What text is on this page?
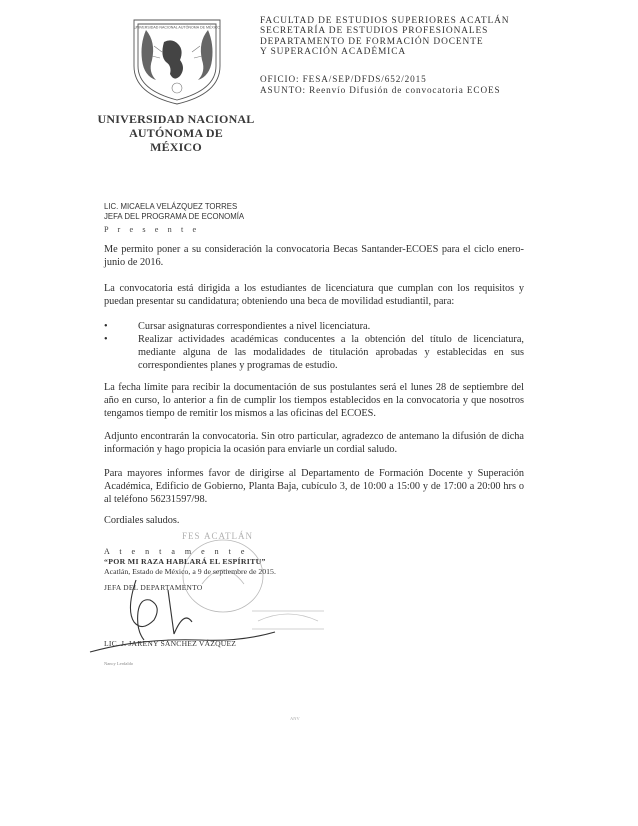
UNIVERSIDAD NACIONAL AUTÓNOMA DE MÉXICO
UNIVERSIDAD NACIONAL
AUTÓNOMA DE
MÉXICO
FACULTAD DE ESTUDIOS SUPERIORES ACATLÁN
SECRETARÍA DE ESTUDIOS PROFESIONALES
DEPARTAMENTO DE FORMACIÓN DOCENTE
Y SUPERACIÓN ACADÉMICA
OFICIO: FESA/SEP/DFDS/652/2015
ASUNTO: Reenvío Difusión de convocatoria ECOES
LIC. MICAELA VELÁZQUEZ TORRES
JEFA DEL PROGRAMA DE ECONOMÍA
P r e s e n t e
Me permito poner a su consideración la convocatoria Becas Santander-ECOES para el ciclo enero-junio de 2016.
La convocatoria está dirigida a los estudiantes de licenciatura que cumplan con los requisitos y puedan presentar su candidatura; obteniendo una beca de movilidad estudiantil, para:
•	Cursar asignaturas correspondientes a nivel licenciatura.
•	Realizar actividades académicas conducentes a la obtención del título de licenciatura, mediante alguna de las modalidades de titulación aprobadas y establecidas en sus correspondientes planes y programas de estudio.
La fecha límite para recibir la documentación de sus postulantes será el lunes 28 de septiembre del año en curso, lo anterior a fin de cumplir los tiempos establecidos en la convocatoria y que nosotros tengamos tiempo de remitir los mismos a las oficinas del ECOES.
Adjunto encontrarán la convocatoria. Sin otro particular, agradezco de antemano la difusión de dicha información y hago propicia la ocasión para enviarle un cordial saludo.
Para mayores informes favor de dirigirse al Departamento de Formación Docente y Superación Académica, Edificio de Gobierno, Planta Baja, cubículo 3, de 10:00 a 15:00 y de 17:00 a 20:00 hrs o al teléfono 56231597/98.
Cordiales saludos.
FES ACATLÁN
A t e n t a m e n t e
“POR MI RAZA HABLARÁ EL ESPÍRITU”
Acatlán, Estado de México, a 9 de septiembre de 2015.
JEFA DEL DEPARTAMENTO
LIC. J. JARENY SÁNCHEZ VÁZQUEZ
Nancy Lerdaldo
ANV
